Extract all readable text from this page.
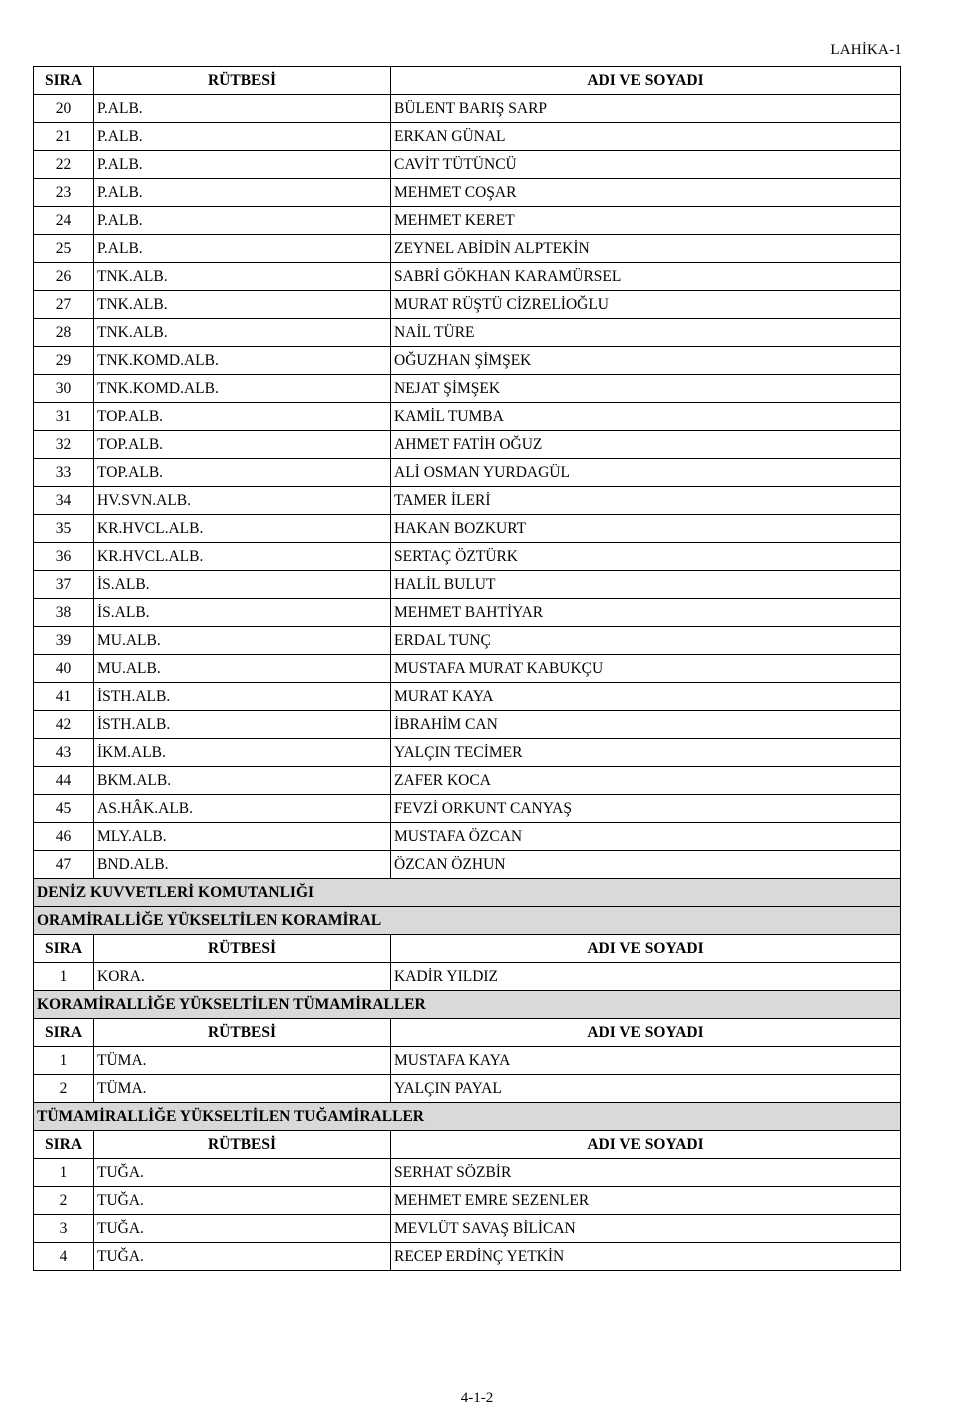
LAHİKA-1
SIRA	RÜTBESİ	ADI VE SOYADI
20	P.ALB.	BÜLENT BARIŞ SARP
21	P.ALB.	ERKAN GÜNAL
22	P.ALB.	CAVİT TÜTÜNCÜ
23	P.ALB.	MEHMET COŞAR
24	P.ALB.	MEHMET KERET
25	P.ALB.	ZEYNEL ABİDİN ALPTEKİN
26	TNK.ALB.	SABRİ GÖKHAN KARAMÜRSEL
27	TNK.ALB.	MURAT RÜŞTÜ CİZRELİOĞLU
28	TNK.ALB.	NAİL TÜRE
29	TNK.KOMD.ALB.	OĞUZHAN ŞİMŞEK
30	TNK.KOMD.ALB.	NEJAT ŞİMŞEK
31	TOP.ALB.	KAMİL TUMBA
32	TOP.ALB.	AHMET FATİH OĞUZ
33	TOP.ALB.	ALİ OSMAN YURDAGÜL
34	HV.SVN.ALB.	TAMER İLERİ
35	KR.HVCL.ALB.	HAKAN BOZKURT
36	KR.HVCL.ALB.	SERTAÇ ÖZTÜRK
37	İS.ALB.	HALİL BULUT
38	İS.ALB.	MEHMET BAHTİYAR
39	MU.ALB.	ERDAL TUNÇ
40	MU.ALB.	MUSTAFA MURAT KABUKÇU
41	İSTH.ALB.	MURAT KAYA
42	İSTH.ALB.	İBRAHİM CAN
43	İKM.ALB.	YALÇIN TECİMER
44	BKM.ALB.	ZAFER KOCA
45	AS.HÂK.ALB.	FEVZİ ORKUNT CANYAŞ
46	MLY.ALB.	MUSTAFA ÖZCAN
47	BND.ALB.	ÖZCAN ÖZHUN
DENİZ KUVVETLERİ KOMUTANLIĞI		
ORAMİRALLİĞE YÜKSELTİLEN KORAMİRAL		
SIRA	RÜTBESİ	ADI VE SOYADI
1	KORA.	KADİR YILDIZ
KORAMİRALLİĞE YÜKSELTİLEN TÜMAMİRALLER		
SIRA	RÜTBESİ	ADI VE SOYADI
1	TÜMA.	MUSTAFA KAYA
2	TÜMA.	YALÇIN PAYAL
TÜMAMİRALLİĞE YÜKSELTİLEN TUĞAMİRALLER		
SIRA	RÜTBESİ	ADI VE SOYADI
1	TUĞA.	SERHAT SÖZBİR
2	TUĞA.	MEHMET EMRE SEZENLER
3	TUĞA.	MEVLÜT SAVAŞ BİLİCAN
4	TUĞA.	RECEP ERDİNÇ YETKİN
4-1-2
